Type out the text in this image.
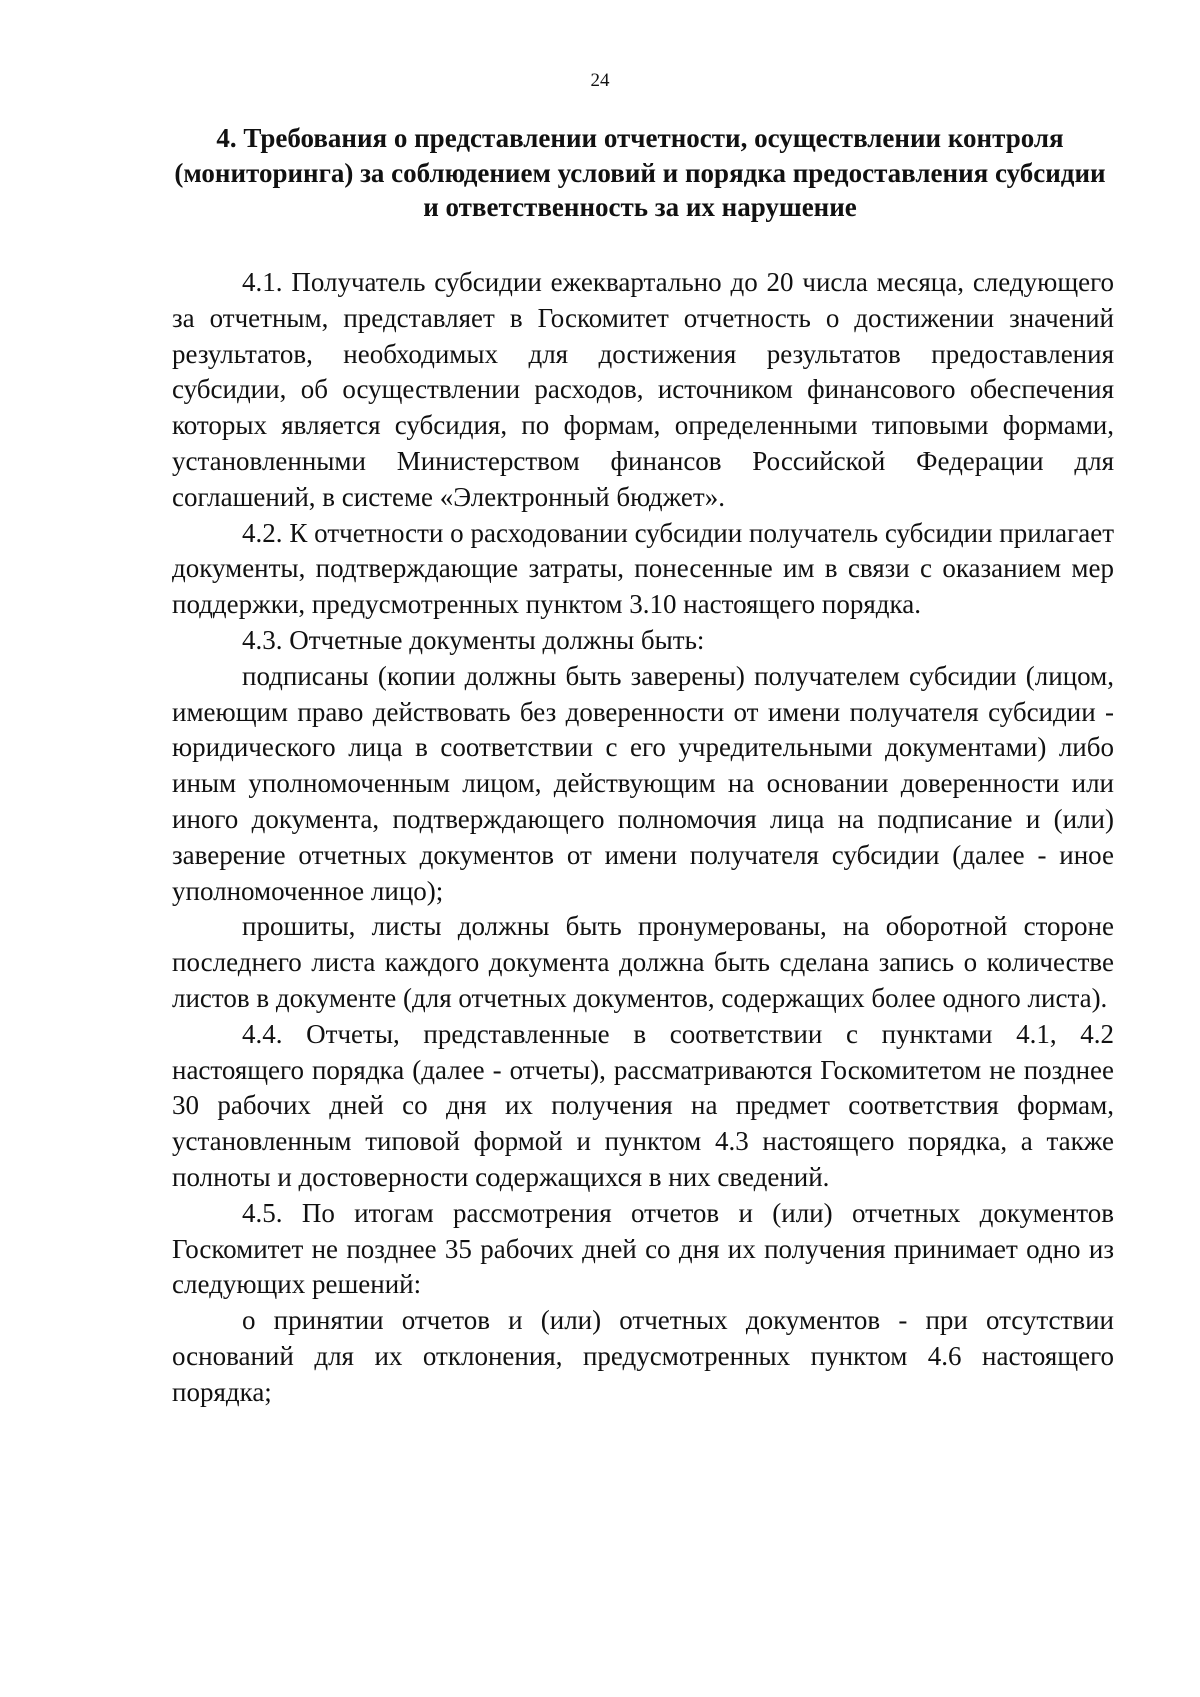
24
4. Требования о представлении отчетности, осуществлении контроля
(мониторинга) за соблюдением условий и порядка предоставления субсидии
и ответственность за их нарушение

4.1. Получатель субсидии ежеквартально до 20 числа месяца, следующего за отчетным, представляет в Госкомитет отчетность о достижении значений результатов, необходимых для достижения результатов предоставления субсидии, об осуществлении расходов, источником финансового обеспечения которых является субсидия, по формам, определенными типовыми формами, установленными Министерством финансов Российской Федерации для соглашений, в системе «Электронный бюджет».

4.2. К отчетности о расходовании субсидии получатель субсидии прилагает документы, подтверждающие затраты, понесенные им в связи с оказанием мер поддержки, предусмотренных пунктом 3.10 настоящего порядка.

4.3. Отчетные документы должны быть:

подписаны (копии должны быть заверены) получателем субсидии (лицом, имеющим право действовать без доверенности от имени получателя субсидии - юридического лица в соответствии с его учредительными документами) либо иным уполномоченным лицом, действующим на основании доверенности или иного документа, подтверждающего полномочия лица на подписание и (или) заверение отчетных документов от имени получателя субсидии (далее - иное уполномоченное лицо);

прошиты, листы должны быть пронумерованы, на оборотной стороне последнего листа каждого документа должна быть сделана запись о количестве листов в документе (для отчетных документов, содержащих более одного листа).

4.4. Отчеты, представленные в соответствии с пунктами 4.1, 4.2 настоящего порядка (далее - отчеты), рассматриваются Госкомитетом не позднее 30 рабочих дней со дня их получения на предмет соответствия формам, установленным типовой формой и пунктом 4.3 настоящего порядка, а также полноты и достоверности содержащихся в них сведений.

4.5. По итогам рассмотрения отчетов и (или) отчетных документов Госкомитет не позднее 35 рабочих дней со дня их получения принимает одно из следующих решений:

о принятии отчетов и (или) отчетных документов - при отсутствии оснований для их отклонения, предусмотренных пунктом 4.6 настоящего порядка;
